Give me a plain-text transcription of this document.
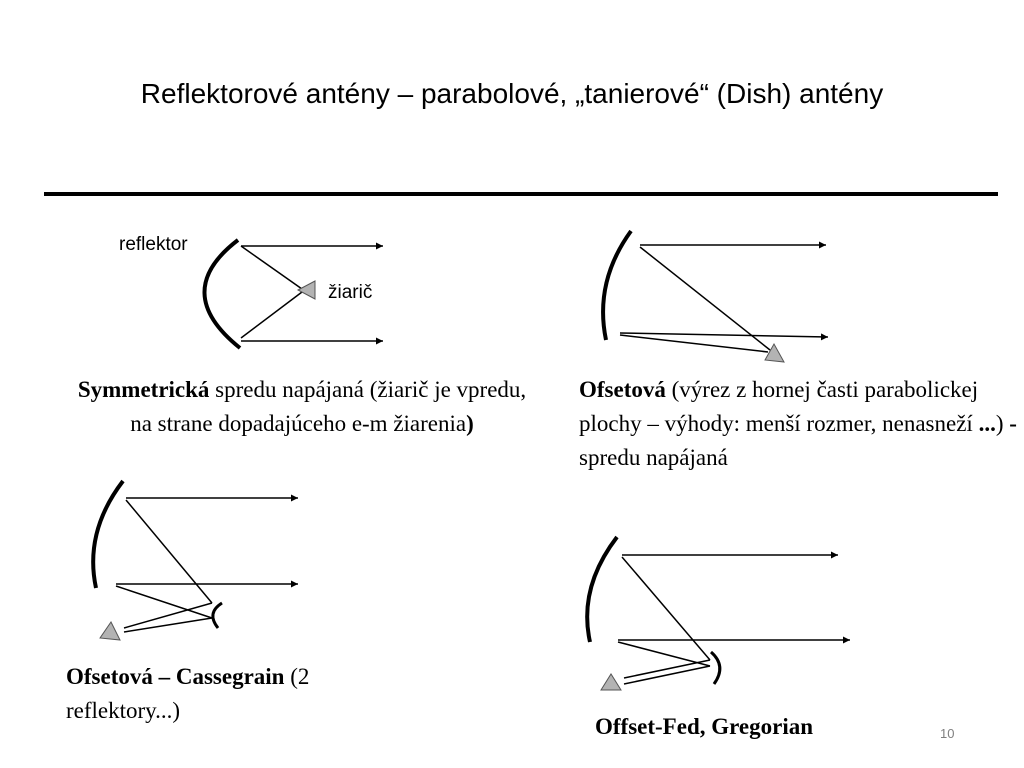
Reflektorové antény – parabolové, „tanierové“ (Dish) antény
reflektor
žiarič
Symmetrická spredu napájaná (žiarič je vpredu, na strane dopadajúceho e-m žiarenia)
Ofsetová (výrez z hornej časti parabolickej plochy – výhody: menší rozmer, nenasneží ...) - spredu napájaná
Ofsetová – Cassegrain (2 reflektory...)
Offset-Fed, Gregorian	10
